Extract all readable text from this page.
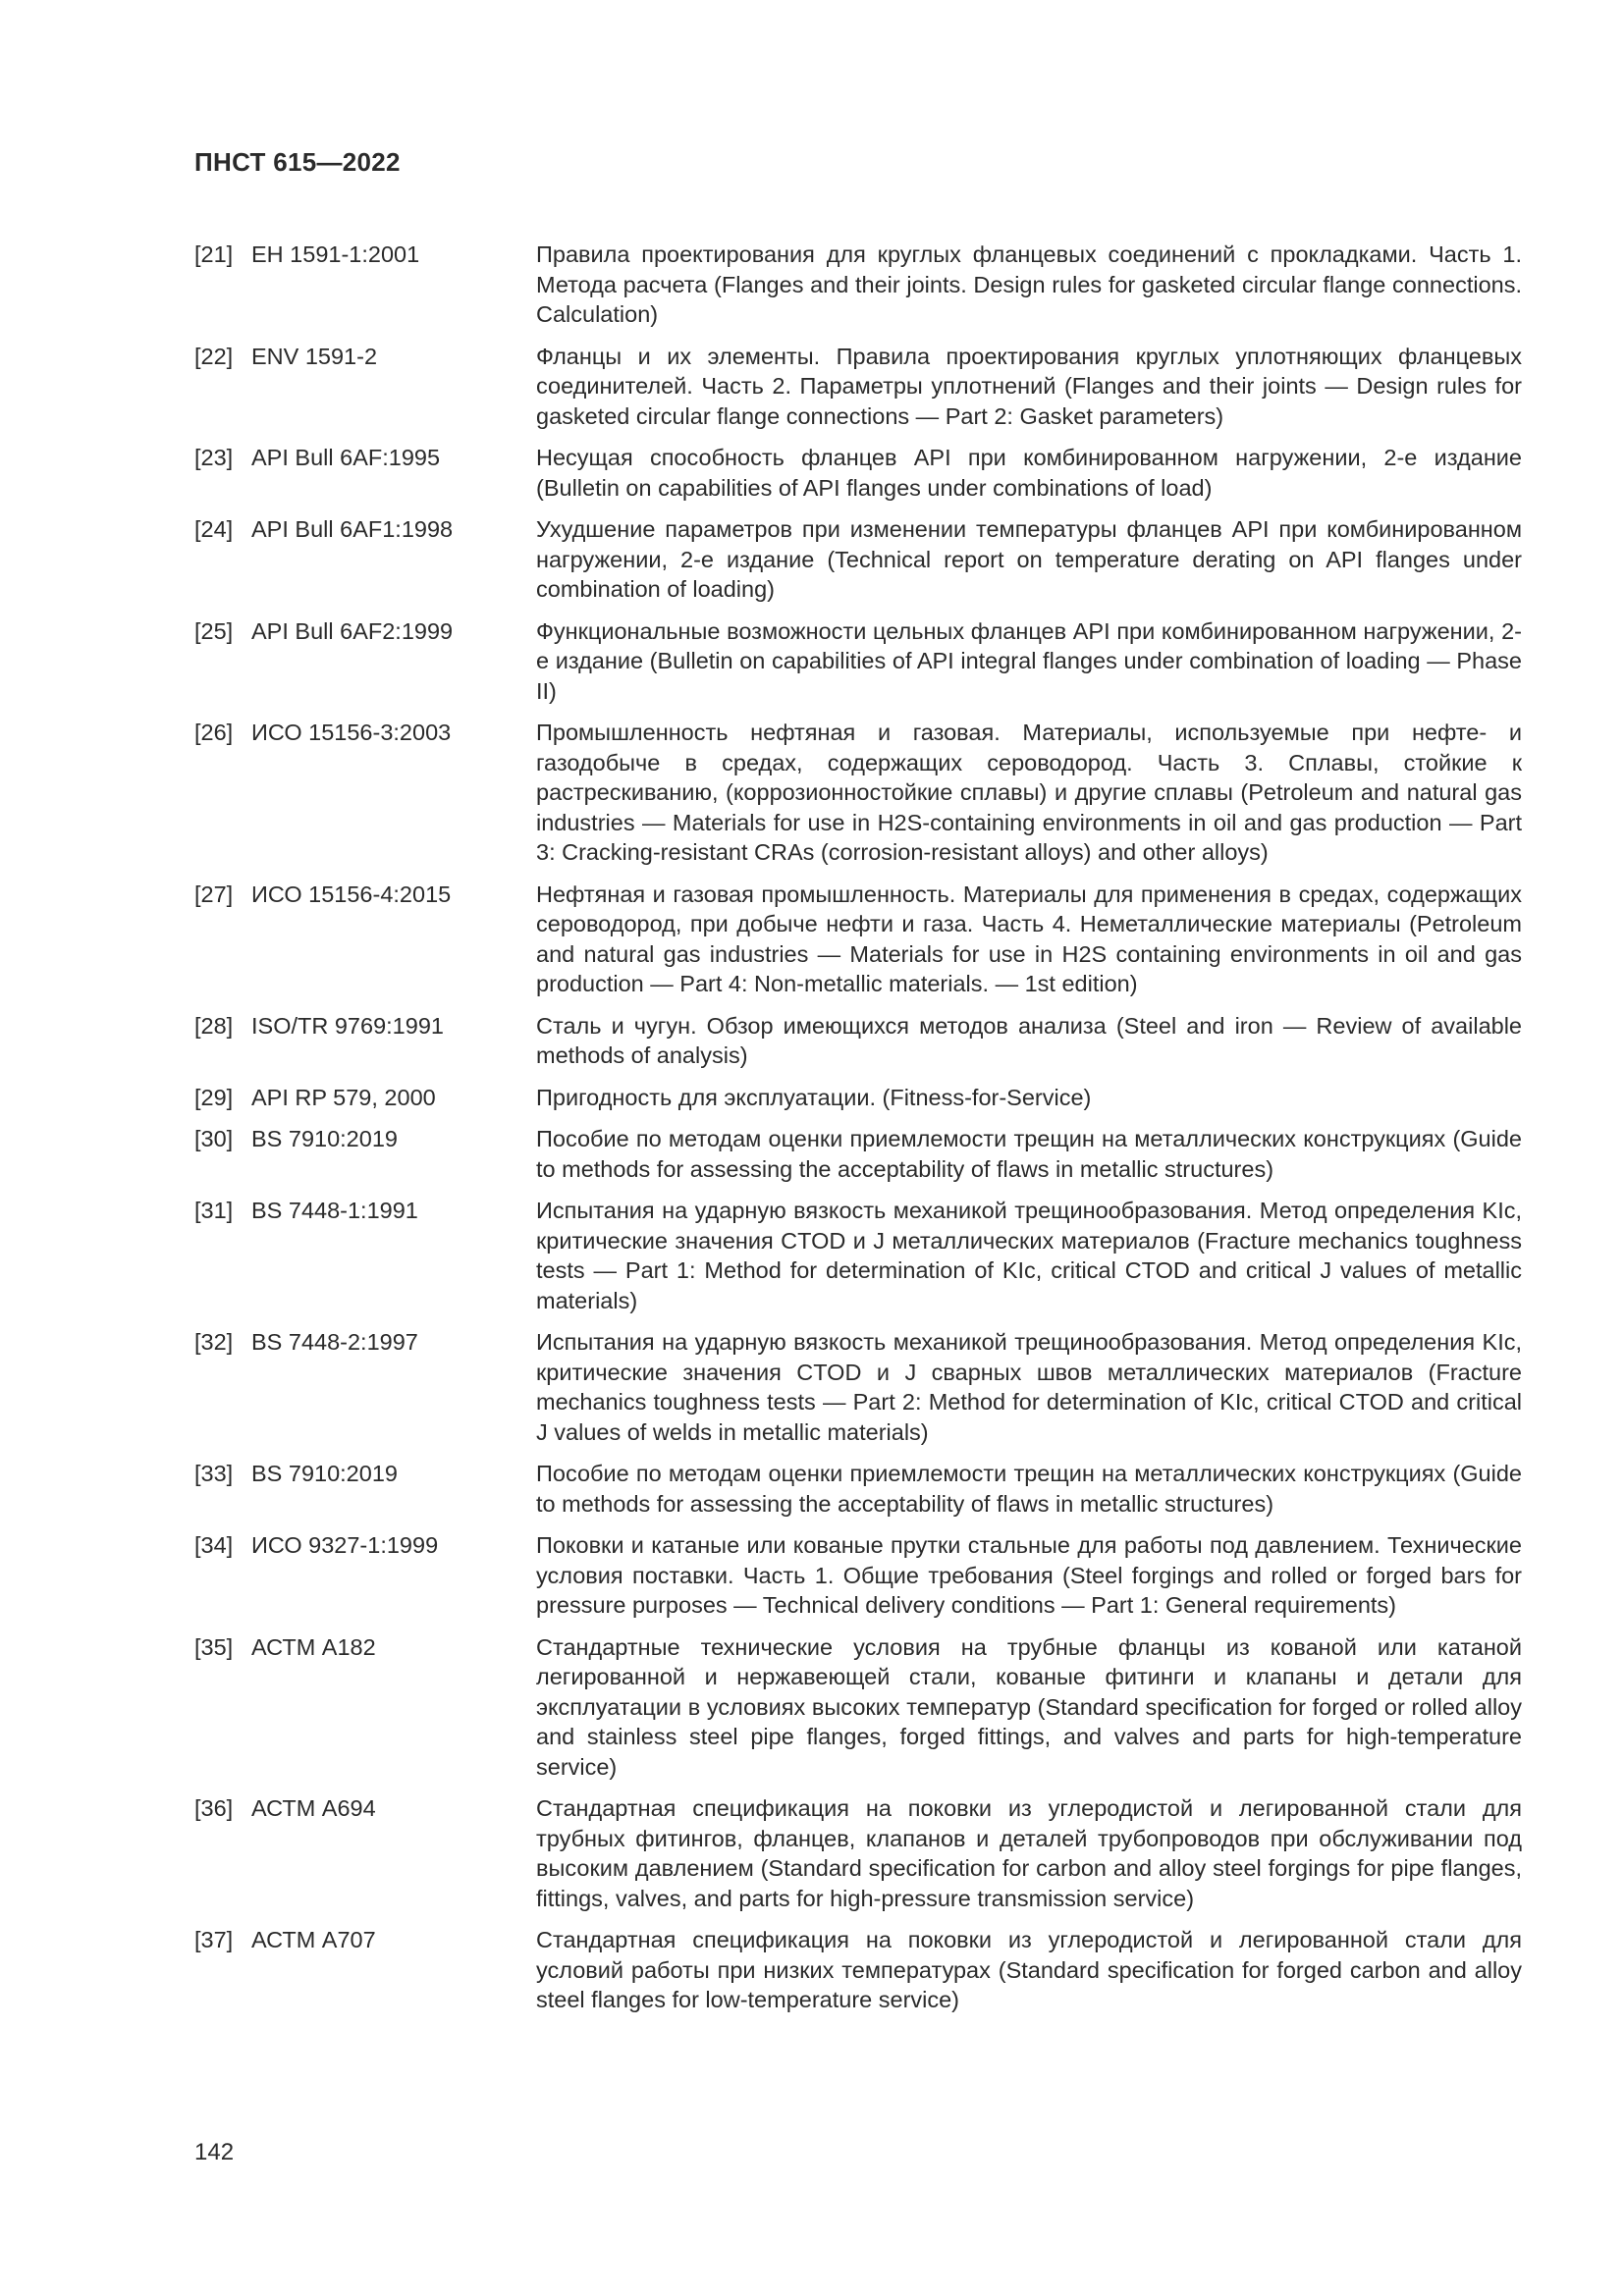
ПНСТ 615—2022
[21] ЕН 1591-1:2001	Правила проектирования для круглых фланцевых соединений с прокладками. Часть 1. Метода расчета (Flanges and their joints. Design rules for gasketed circular flange connections. Calculation)
[22] ENV 1591-2	Фланцы и их элементы. Правила проектирования круглых уплотняющих фланцевых соединителей. Часть 2. Параметры уплотнений (Flanges and their joints — Design rules for gasketed circular flange connections — Part 2: Gasket parameters)
[23] API Bull 6AF:1995	Несущая способность фланцев API при комбинированном нагружении, 2-е издание (Bulletin on capabilities of API flanges under combinations of load)
[24] API Bull 6AF1:1998	Ухудшение параметров при изменении температуры фланцев API при комбинированном нагружении, 2-е издание (Technical report on temperature derating on API flanges under combination of loading)
[25] API Bull 6AF2:1999	Функциональные возможности цельных фланцев API при комбинированном нагружении, 2-е издание (Bulletin on capabilities of API integral flanges under combination of loading — Phase II)
[26] ИСО 15156-3:2003	Промышленность нефтяная и газовая. Материалы, используемые при нефте- и газодобыче в средах, содержащих сероводород. Часть 3. Сплавы, стойкие к растрескиванию, (коррозионностойкие сплавы) и другие сплавы (Petroleum and natural gas industries — Materials for use in H2S-containing environments in oil and gas production — Part 3: Cracking-resistant CRAs (corrosion-resistant alloys) and other alloys)
[27] ИСО 15156-4:2015	Нефтяная и газовая промышленность. Материалы для применения в средах, содержащих сероводород, при добыче нефти и газа. Часть 4. Неметаллические материалы (Petroleum and natural gas industries — Materials for use in H2S containing environments in oil and gas production — Part 4: Non-metallic materials. — 1st edition)
[28] ISO/TR 9769:1991	Сталь и чугун. Обзор имеющихся методов анализа (Steel and iron — Review of available methods of analysis)
[29] API RP 579, 2000	Пригодность для эксплуатации. (Fitness-for-Service)
[30] BS 7910:2019	Пособие по методам оценки приемлемости трещин на металлических конструкциях (Guide to methods for assessing the acceptability of flaws in metallic structures)
[31] BS 7448-1:1991	Испытания на ударную вязкость механикой трещинообразования. Метод определения KIc, критические значения CTOD и J металлических материалов (Fracture mechanics toughness tests — Part 1: Method for determination of KIc, critical CTOD and critical J values of metallic materials)
[32] BS 7448-2:1997	Испытания на ударную вязкость механикой трещинообразования. Метод определения KIc, критические значения CTOD и J сварных швов металлических материалов (Fracture mechanics toughness tests — Part 2: Method for determination of KIc, critical CTOD and critical J values of welds in metallic materials)
[33] BS 7910:2019	Пособие по методам оценки приемлемости трещин на металлических конструкциях (Guide to methods for assessing the acceptability of flaws in metallic structures)
[34] ИСО 9327-1:1999	Поковки и катаные или кованые прутки стальные для работы под давлением. Технические условия поставки. Часть 1. Общие требования (Steel forgings and rolled or forged bars for pressure purposes — Technical delivery conditions — Part 1: General requirements)
[35] АСТМ А182	Стандартные технические условия на трубные фланцы из кованой или катаной легированной и нержавеющей стали, кованые фитинги и клапаны и детали для эксплуатации в условиях высоких температур (Standard specification for forged or rolled alloy and stainless steel pipe flanges, forged fittings, and valves and parts for high-temperature service)
[36] АСТМ А694	Стандартная спецификация на поковки из углеродистой и легированной стали для трубных фитингов, фланцев, клапанов и деталей трубопроводов при обслуживании под высоким давлением (Standard specification for carbon and alloy steel forgings for pipe flanges, fittings, valves, and parts for high-pressure transmission service)
[37] АСТМ А707	Стандартная спецификация на поковки из углеродистой и легированной стали для условий работы при низких температурах (Standard specification for forged carbon and alloy steel flanges for low-temperature service)
142
